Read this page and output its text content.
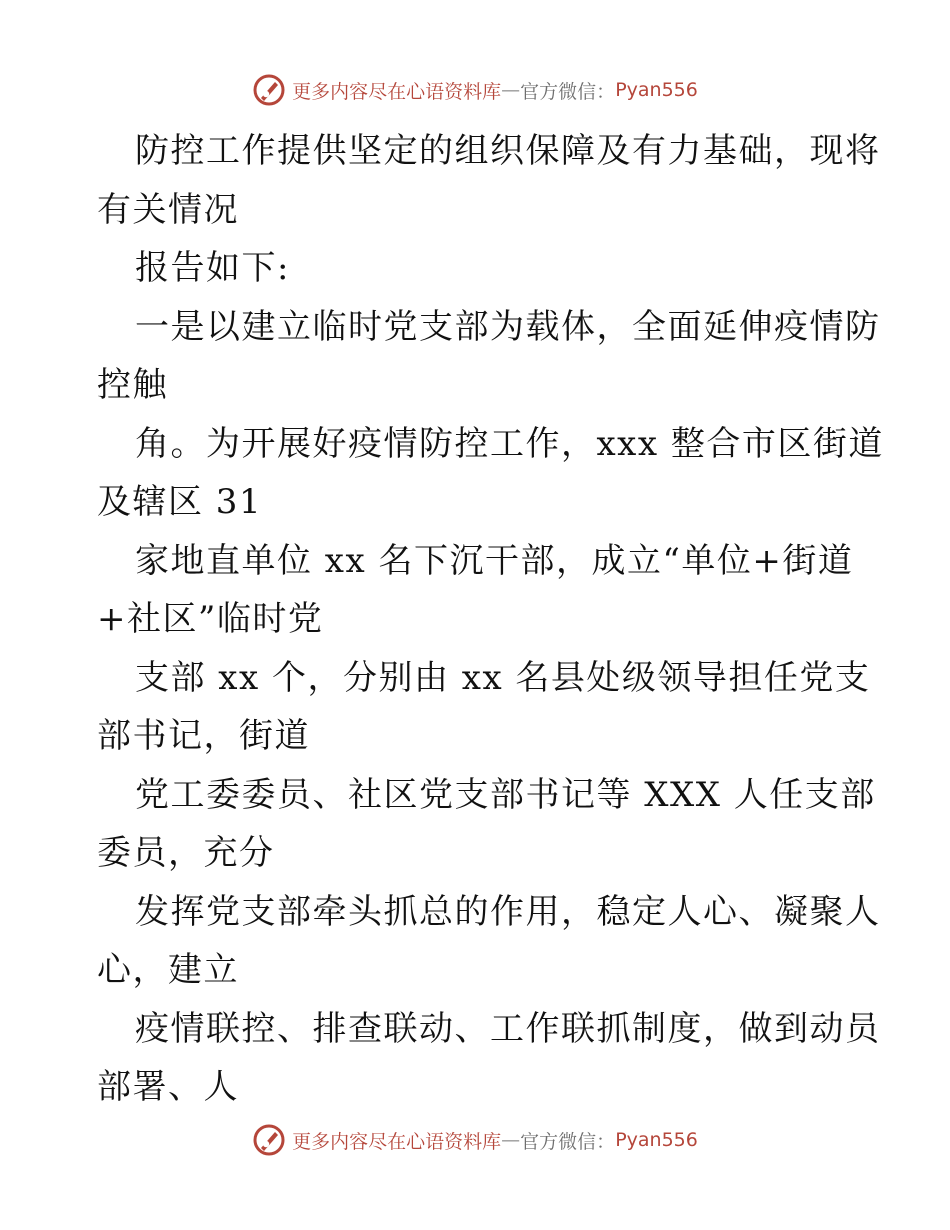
更多内容尽在心语资料库 — 官方微信： Pyan556
防控工作提供坚定的组织保障及有力基础，现将
有关情况
报告如下:
一是以建立临时党支部为载体，全面延伸疫情防
控触
角。为开展好疫情防控工作，xxx 整合市区街道
及辖区 31
家地直单位 xx 名下沉干部，成立“单位+街道
+社区”临时党
支部 xx 个，分别由 xx 名县处级领导担任党支
部书记，街道
党工委委员、社区党支部书记等 XXX 人任支部
委员，充分
发挥党支部牵头抓总的作用，稳定人心、凝聚人
心，建立
疫情联控、排查联动、工作联抓制度，做到动员
部署、人
更多内容尽在心语资料库 — 官方微信： Pyan556
